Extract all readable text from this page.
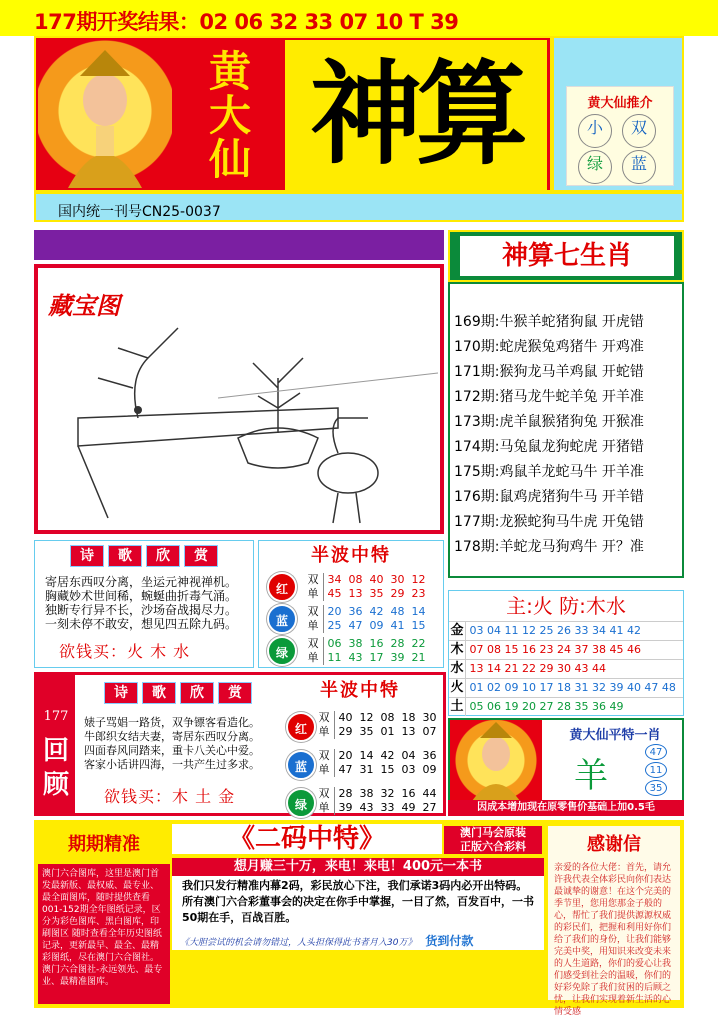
177期开奖结果：02 06 32 33 07 10 T 39
黄
大
仙 神算	黄大仙推介
小	双
绿	蓝
国内统一刊号CN25-0037
藏宝图
神算七生肖
169期:牛猴羊蛇猪狗鼠 开虎错
170期:蛇虎猴兔鸡猪牛 开鸡准
171期:猴狗龙马羊鸡鼠 开蛇错
172期:猪马龙牛蛇羊兔 开羊准
173期:虎羊鼠猴猪狗兔 开猴准
174期:马兔鼠龙狗蛇虎 开猪错
175期:鸡鼠羊龙蛇马牛 开羊准
176期:鼠鸡虎猪狗牛马 开羊错
177期:龙猴蛇狗马牛虎 开兔错
178期:羊蛇龙马狗鸡牛 开？准
诗 歌 欣 赏
寄居东西叹分离，坐运元神视禅机。
胸藏妙术世间稀，蜿蜒曲折毒气涌。
独断专行异不长，沙场奋战揭尽力。
一刻未停不敢安，想见四五除九码。
欲钱买：火 木 水
半波中特
红
双 34 08 40 30 12
单 45 13 35 29 23
蓝
双 20 36 42 48 14
单 25 47 09 41 15
绿
双 06 38 16 28 22
单 11 43 17 39 21
主:火 防:木水
金 03 04 11 12 25 26 33 34 41 42
木 07 08 15 16 23 24 37 38 45 46
水 13 14 21 22 29 30 43 44
火 01 02 09 10 17 18 31 32 39 40 47 48
土 05 06 19 20 27 28 35 36 49
177
回
顾
诗 歌 欣 赏
婊子骂娼一路货，双争镖客看造化。
牛郎织女结夫妻，寄居东西叹分离。
四面春风同踏来，重卡八关心中爱。
客家小话讲四海，一共产生过多求。
欲钱买：木 土 金
半波中特
红
双 40 12 08 18 30
单 29 35 01 13 07
蓝
双 20 14 42 04 36
单 47 31 15 03 09
绿
双 28 38 32 16 44
单 39 43 33 49 27
黄大仙平特一肖
羊
47
11
35
因成本增加现在原零售价基础上加0.5毛
期期精准
澳门六合图库，这里是澳门首发最新版、最权威、最专业、最全面图库，随时提供查看001-152期全年图纸记录，区分为彩色图库、黑白图库，印刷图区 随时查看全年历史图纸记录，更新最早、最全、最精彩图纸，尽在澳门六合图社。澳门六合图社-永远领先、最专业、最精准图库。
《二码中特》	澳门马会原装
正版六合彩料
想月赚三十万，来电！来电！400元一本书
我们只发行精准内幕2码，彩民放心下注，我们承诺3码内必开出特码。所有澳门六合彩董事会的决定在你手中掌握，一目了然，百发百中，一书50期在手，百战百胜。
《大胆尝试的机会请勿错过，人头担保得此书者月入30万》 货到付款
感谢信
亲爱的各位大佬：首先，请允许我代表全体彩民向你们表达最诚挚的谢意！在这个完美的季节里，您用您那金子般的心，帮忙了我们提供源源权威的彩民们，把握和利用好你们给了我们的身份，让我们能够完美中奖，用知识来改变未来的人生道路，你们的爱心让我们感受到社会的温暖，你们的好彩免除了我们贫困的后顾之忧，让我们实现着新生活的心情受感
